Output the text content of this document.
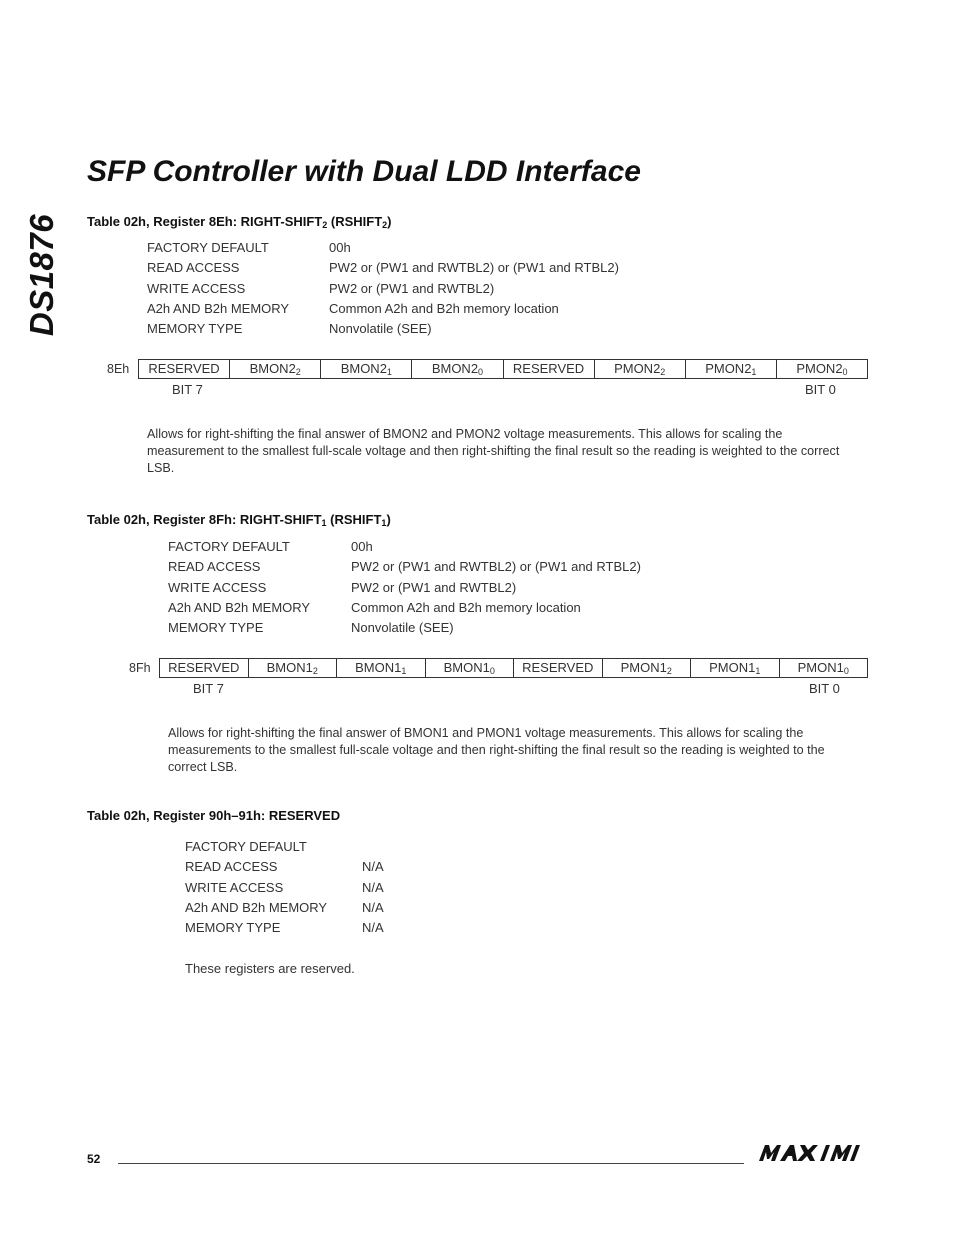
DS1876
SFP Controller with Dual LDD Interface
Table 02h, Register 8Eh: RIGHT-$SHIFT_2$ $(RSHIFT_2)$
FACTORY DEFAULT	00h
READ ACCESS	PW2 or (PW1 and RWTBL2) or (PW1 and RTBL2)
WRITE ACCESS	PW2 or (PW1 and RWTBL2)
A2h AND B2h MEMORY	Common A2h and B2h memory location
MEMORY TYPE	Nonvolatile (SEE)
8Eh RESERVED	$BMON2_2$	$BMON2_1$	$BMON2_0$	RESERVED	$PMON2_2$	$PMON2_1$	$PMON2_0$
BIT 7	BIT 0
Allows for right-shifting the final answer of BMON2 and PMON2 voltage measurements. This allows for scaling the measurement to the smallest full-scale voltage and then right-shifting the final result so the reading is weighted to the correct LSB.
Table 02h, Register 8Fh: RIGHT-$SHIFT_1$ $(RSHIFT_1)$
FACTORY DEFAULT	00h
READ ACCESS	PW2 or (PW1 and RWTBL2) or (PW1 and RTBL2)
WRITE ACCESS	PW2 or (PW1 and RWTBL2)
A2h AND B2h MEMORY	Common A2h and B2h memory location
MEMORY TYPE	Nonvolatile (SEE)
8Fh RESERVED	$BMON1_2$	$BMON1_1$	$BMON1_0$	RESERVED	$PMON1_2$	$PMON1_1$	$PMON1_0$
BIT 7	BIT 0
Allows for right-shifting the final answer of BMON1 and PMON1 voltage measurements. This allows for scaling the measurements to the smallest full-scale voltage and then right-shifting the final result so the reading is weighted to the correct LSB.
Table 02h, Register 90h–91h: RESERVED
FACTORY DEFAULT
READ ACCESS	N/A
WRITE ACCESS	N/A
A2h AND B2h MEMORY	N/A
MEMORY TYPE	N/A
These registers are reserved.
52
